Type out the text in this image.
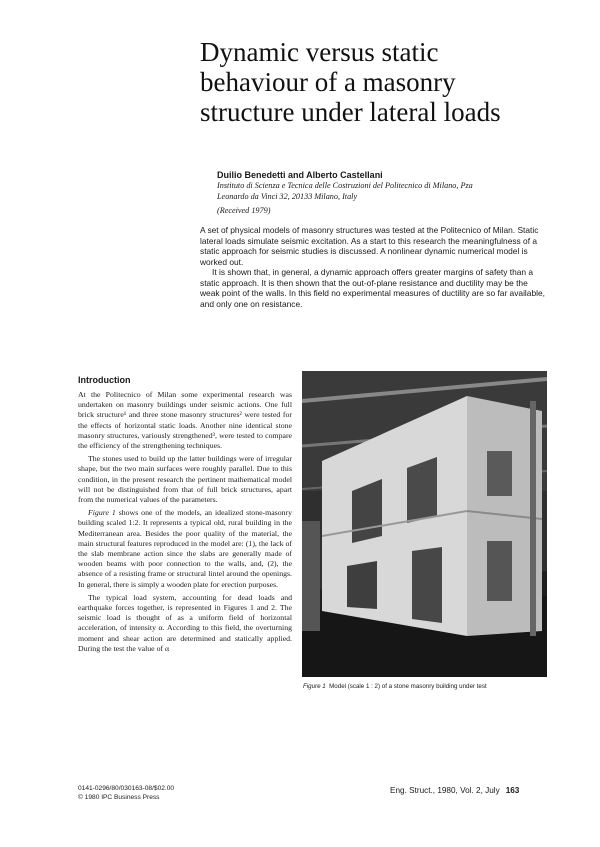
Dynamic versus static
behaviour of a masonry
structure under lateral loads
Duilio Benedetti and Alberto Castellani
Instituto di Scienza e Tecnica delle Costruzioni del Politecnico di Milano, Pza
Leonardo da Vinci 32, 20133 Milano, Italy
(Received 1979)

A set of physical models of masonry structures was tested at the Politecnico of Milan. Static lateral loads simulate seismic excitation. As a start to this research the meaningfulness of a static approach for seismic studies is discussed. A nonlinear dynamic numerical model is worked out.

It is shown that, in general, a dynamic approach offers greater margins of safety than a static approach. It is then shown that the out-of-plane resistance and ductility may be the weak point of the walls. In this field no experimental measures of ductility are so far available, and only one on resistance.

Introduction

At the Politecnico of Milan some experimental research was undertaken on masonry buildings under seismic actions. One full brick structure¹ and three stone masonry structures² were tested for the effects of horizontal static loads. Another nine identical stone masonry structures, variously strengthened³, were tested to compare the efficiency of the strengthening techniques.

The stones used to build up the latter buildings were of irregular shape, but the two main surfaces were roughly parallel. Due to this condition, in the present research the pertinent mathematical model will not be distinguished from that of full brick structures, apart from the numerical values of the parameters.

Figure 1 shows one of the models, an idealized stone-masonry building scaled 1:2. It represents a typical old, rural building in the Mediterranean area. Besides the poor quality of the material, the main structural features reproduced in the model are: (1), the lack of the slab membrane action since the slabs are generally made of wooden beams with poor connection to the walls, and, (2), the absence of a resisting frame or structural lintel around the openings. In general, there is simply a wooden plate for erection purposes.

The typical load system, accounting for dead loads and earthquake forces together, is represented in Figures 1 and 2. The seismic load is thought of as a uniform field of horizontal acceleration, of intensity α. According to this field, the overturning moment and shear action are determined and statically applied. During the test the value of α

Figure 1 Model (scale 1 : 2) of a stone masonry building under test
0141-0296/80/030163-08/$02.00
© 1980 IPC Business Press
Eng. Struct., 1980, Vol. 2, July 163
